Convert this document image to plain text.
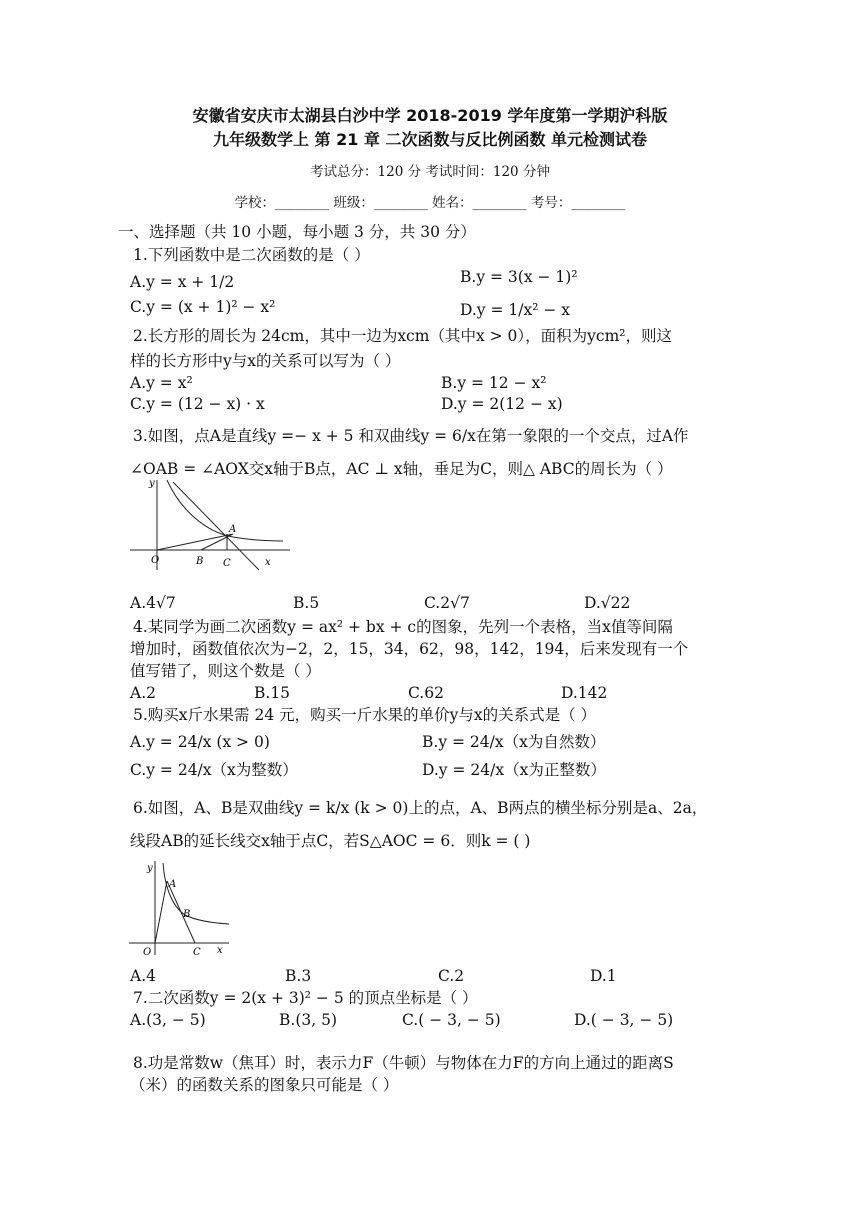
安徽省安庆市太湖县白沙中学 2018-2019 学年度第一学期沪科版
九年级数学上 第 21 章 二次函数与反比例函数 单元检测试卷
考试总分：120 分 考试时间：120 分钟
学校：________ 班级：________ 姓名：________ 考号：________
一、选择题（共 10 小题，每小题 3 分，共 30 分）
1.下列函数中是二次函数的是（ ）
A.y = x + 1/2	B.y = 3(x − 1)²
C.y = (x + 1)² − x²	D.y = 1/x² − x
2.长方形的周长为 24cm，其中一边为xcm（其中x > 0），面积为ycm²，则这
样的长方形中y与x的关系可以写为（ ）
A.y = x²	B.y = 12 − x²
C.y = (12 − x) · x	D.y = 2(12 − x)
3.如图，点A是直线y =− x + 5 和双曲线y = 6/x在第一象限的一个交点，过A作
∠OAB = ∠AOX交x轴于B点，AC ⊥ x轴，垂足为C，则△ ABC的周长为（ ）
y
x
O
A
B C
A.4√7	B.5	C.2√7	D.√22
4.某同学为画二次函数y = ax² + bx + c的图象，先列一个表格，当x值等间隔
增加时，函数值依次为−2，2，15，34，62，98，142，194，后来发现有一个
值写错了，则这个数是（ ）
A.2	B.15	C.62	D.142
5.购买x斤水果需 24 元，购买一斤水果的单价y与x的关系式是（ ）
A.y = 24/x (x > 0)	B.y = 24/x（x为自然数）
C.y = 24/x（x为整数）	D.y = 24/x（x为正整数）
6.如图，A、B是双曲线y = k/x (k > 0)上的点，A、B两点的横坐标分别是a、2a，
线段AB的延长线交x轴于点C，若S△AOC = 6．则k = ( )
y
x
O
A
B
C
A.4	B.3	C.2	D.1
7.二次函数y = 2(x + 3)² − 5 的顶点坐标是（ ）
A.(3, − 5)	B.(3, 5)	C.( − 3, − 5)	D.( − 3, − 5)
8.功是常数w（焦耳）时，表示力F（牛顿）与物体在力F的方向上通过的距离S
（米）的函数关系的图象只可能是（ ）
